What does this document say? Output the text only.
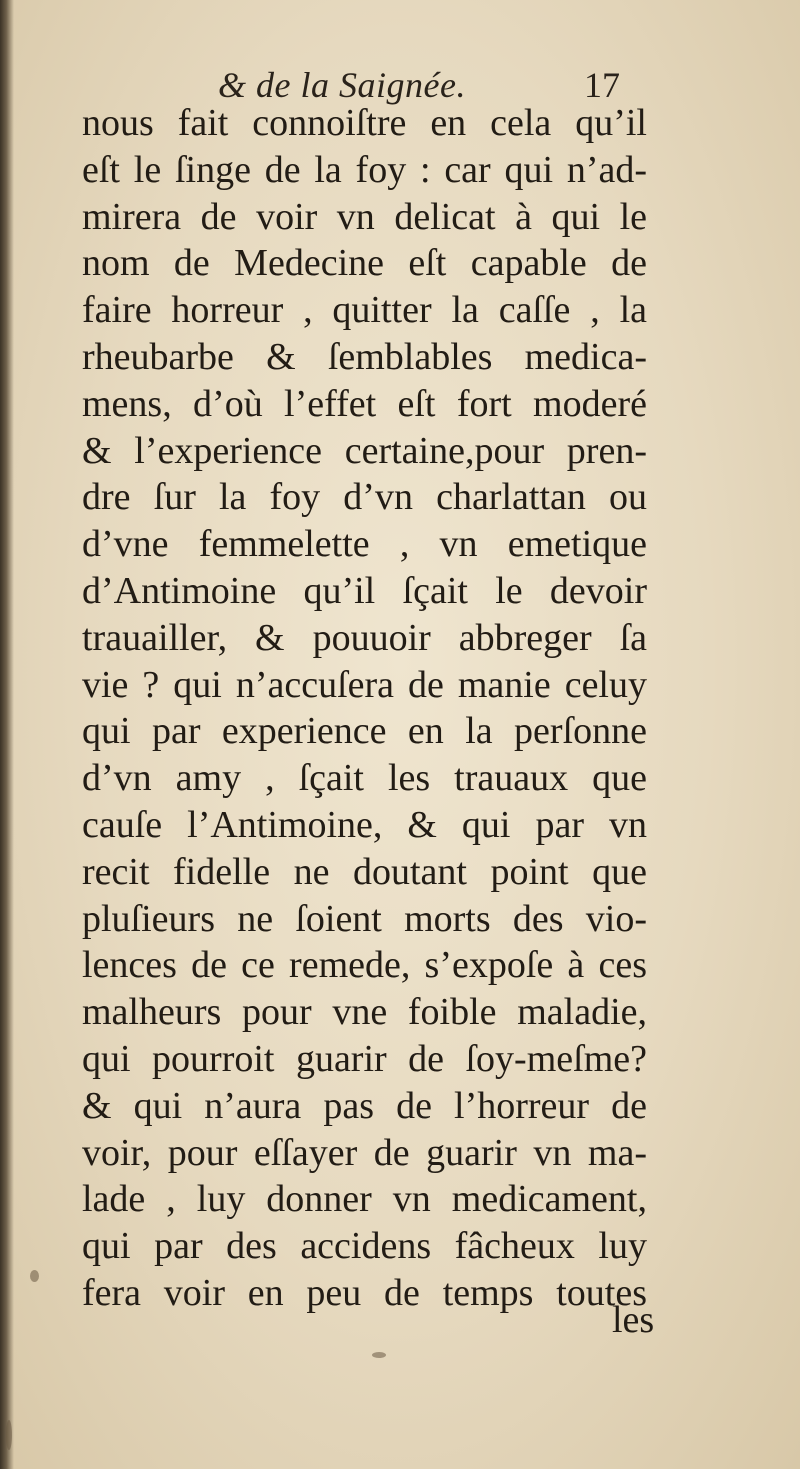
& de la Saignée.	17
nous fait connoiſtre en cela qu’il
eſt le ſinge de la foy : car qui n’ad-
mirera de voir vn delicat à qui le
nom de Medecine eſt capable de
faire horreur , quitter la caſſe , la
rheubarbe & ſemblables medica-
mens, d’où l’effet eſt fort moderé
& l’experience certaine,pour pren-
dre ſur la foy d’vn charlattan ou
d’vne femmelette , vn emetique
d’Antimoine qu’il ſçait le devoir
trauailler, & pouuoir abbreger ſa
vie ? qui n’accuſera de manie celuy
qui par experience en la perſonne
d’vn amy , ſçait les trauaux que
cauſe l’Antimoine, & qui par vn
recit fidelle ne doutant point que
pluſieurs ne ſoient morts des vio-
lences de ce remede, s’expoſe à ces
malheurs pour vne foible maladie,
qui pourroit guarir de ſoy-meſme?
& qui n’aura pas de l’horreur de
voir, pour eſſayer de guarir vn ma-
lade , luy donner vn medicament,
qui par des accidens fâcheux luy
fera voir en peu de temps toutes
les
